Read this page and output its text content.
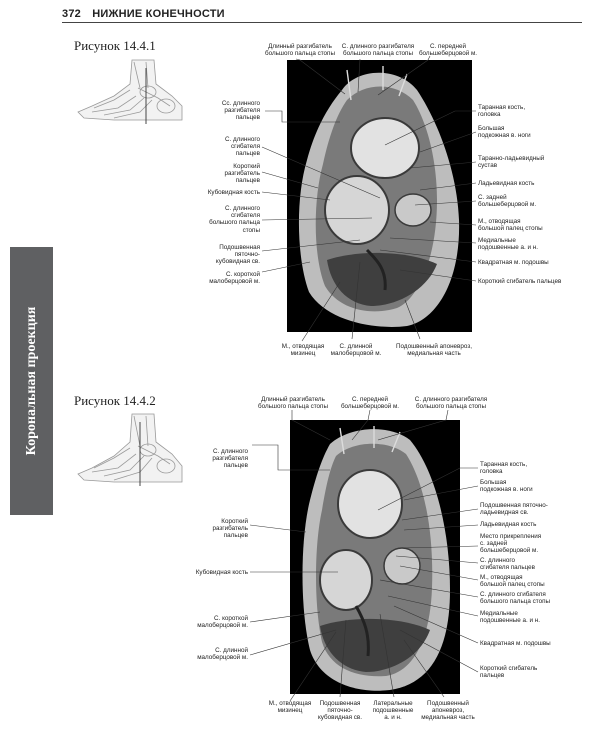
372 НИЖНИЕ КОНЕЧНОСТИ
Корональная проекция
Рисунок 14.4.1	Длинный разгибатель
большого пальца стопы
С. длинного разгибателя
большого пальца стопы
С. передней
большеберцовой м.
Сс. длинного
разгибателя
пальцев
С. длинного
сгибателя
пальцев
Короткий
разгибатель
пальцев
Кубовидная кость
С. длинного
сгибателя
большого пальца
стопы
Подошвенная
пяточно-
кубовидная св.
С. короткой
малоберцовой м.
Таранная кость,
головка
Большая
подкожная в. ноги
Таранно-ладьевидный
сустав
Ладьевидная кость
С. задней
большеберцовой м.
М., отводящая
большой палец стопы
Медиальные
подошвенные а. и н.
Квадратная м. подошвы
Короткий сгибатель пальцев
М., отводящая
мизинец
С. длинной
малоберцовой м.
Подошвенный апоневроз,
медиальная часть
Рисунок 14.4.2	Длинный разгибатель
большого пальца стопы
С. передней
большеберцовой м.
С. длинного разгибателя
большого пальца стопы
С. длинного
разгибателя
пальцев
Короткий
разгибатель
пальцев
Кубовидная кость
С. короткой
малоберцовой м.
С. длинной
малоберцовой м.
Таранная кость,
головка
Большая
подкожная в. ноги
Подошвенная пяточно-
ладьевидная св.
Ладьевидная кость
Место прикрепления
с. задней
большеберцовой м.
С. длинного
сгибателя пальцев
М., отводящая
большой палец стопы
С. длинного сгибателя
большого пальца стопы
Медиальные
подошвенные а. и н.
Квадратная м. подошвы
Короткий сгибатель
пальцев
М., отводящая
мизинец
Подошвенная
пяточно-
кубовидная св.
Латеральные
подошвенные
а. и н.
Подошвенный
апоневроз,
медиальная часть
